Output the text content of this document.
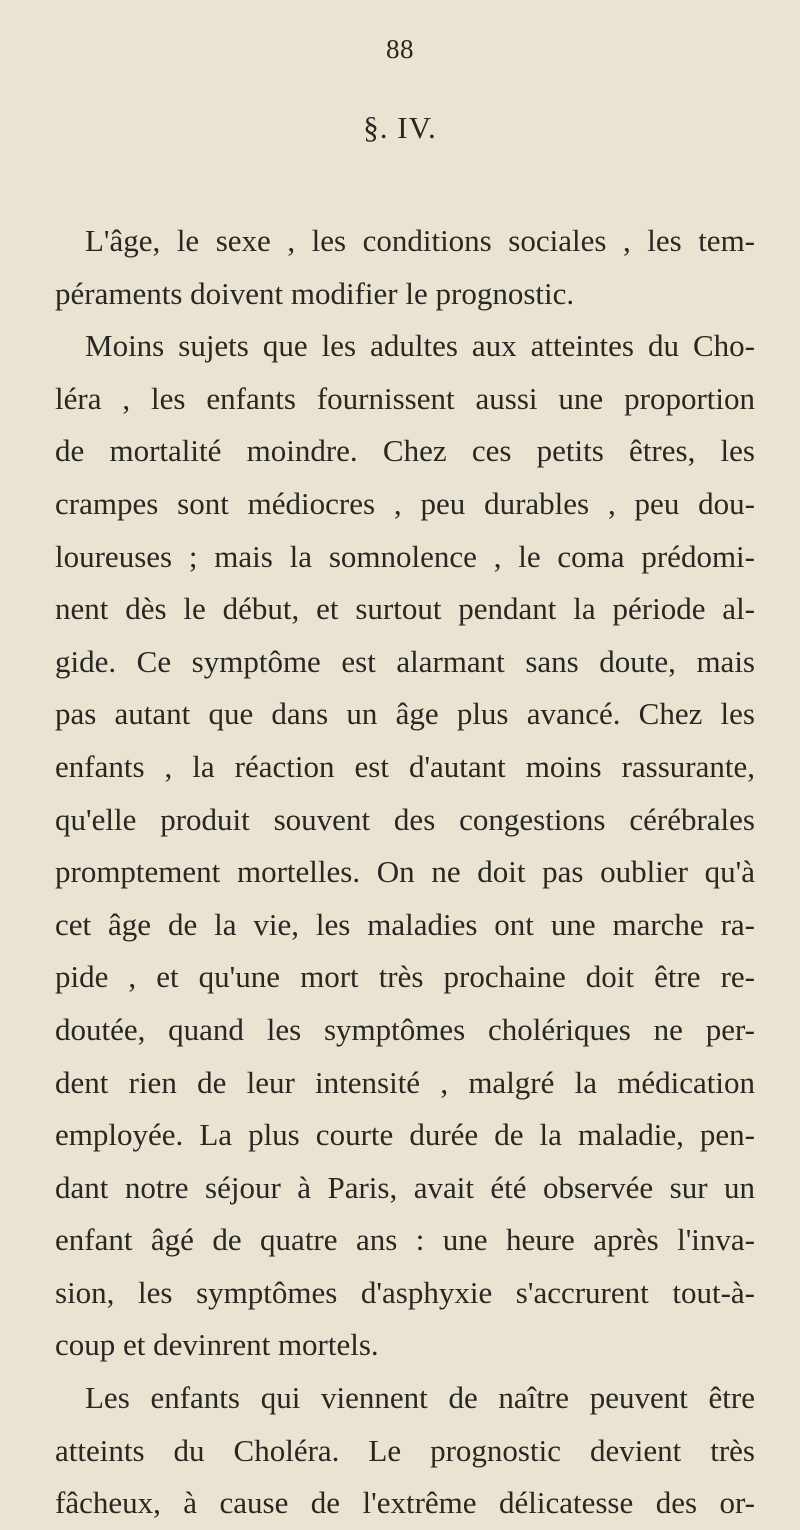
88
§. IV.
L'âge, le sexe , les conditions sociales , les tem-
péraments doivent modifier le prognostic.
Moins sujets que les adultes aux atteintes du Cho-
léra , les enfants fournissent aussi une proportion
de mortalité moindre. Chez ces petits êtres, les
crampes sont médiocres , peu durables , peu dou-
loureuses ; mais la somnolence , le coma prédomi-
nent dès le début, et surtout pendant la période al-
gide. Ce symptôme est alarmant sans doute, mais
pas autant que dans un âge plus avancé. Chez les
enfants , la réaction est d'autant moins rassurante,
qu'elle produit souvent des congestions cérébrales
promptement mortelles. On ne doit pas oublier qu'à
cet âge de la vie, les maladies ont une marche ra-
pide , et qu'une mort très prochaine doit être re-
doutée, quand les symptômes cholériques ne per-
dent rien de leur intensité , malgré la médication
employée. La plus courte durée de la maladie, pen-
dant notre séjour à Paris, avait été observée sur un
enfant âgé de quatre ans : une heure après l'inva-
sion, les symptômes d'asphyxie s'accrurent tout-à-
coup et devinrent mortels.
Les enfants qui viennent de naître peuvent être
atteints du Choléra. Le prognostic devient très
fâcheux, à cause de l'extrême délicatesse des or-
